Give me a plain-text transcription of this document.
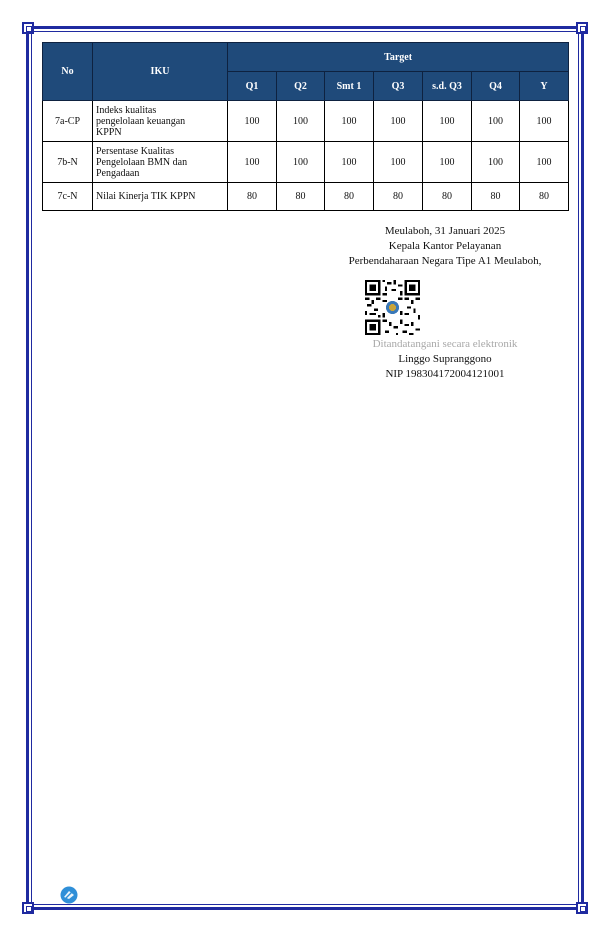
No	IKU	Target						
		Q1	Q2	Smt 1	Q3	s.d. Q3	Q4	Y
7a-CP	Indeks kualitas
pengelolaan keuangan
KPPN	100	100	100	100	100	100	100
7b-N	Persentase Kualitas
Pengelolaan BMN dan
Pengadaan	100	100	100	100	100	100	100
7c-N	Nilai Kinerja TIK KPPN	80	80	80	80	80	80	80
Meulaboh, 31 Januari 2025
Kepala Kantor Pelayanan
Perbendaharaan Negara Tipe A1 Meulaboh,
Ditandatangani secara elektronik
Linggo Supranggono
NIP 198304172004121001
